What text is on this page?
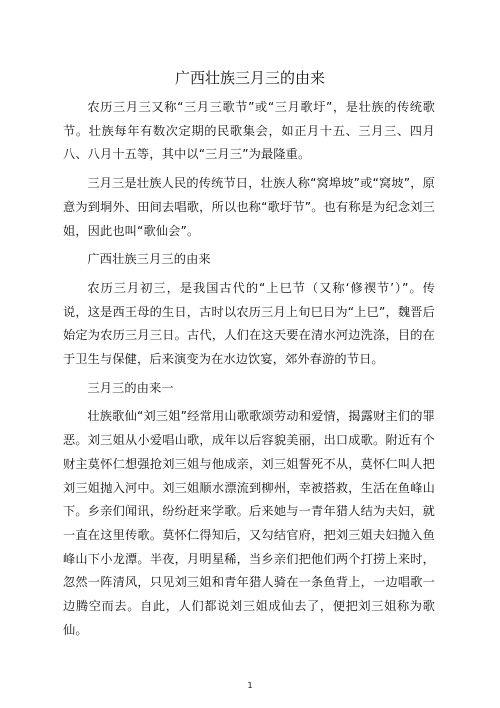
广西壮族三月三的由来

农历三月三又称“三月三歌节”或“三月歌圩”，是壮族的传统歌节。壮族每年有数次定期的民歌集会，如正月十五、三月三、四月八、八月十五等，其中以“三月三”为最隆重。

三月三是壮族人民的传统节日，壮族人称“窝埠坡”或“窝坡”，原意为到垌外、田间去唱歌，所以也称“歌圩节”。也有称是为纪念刘三姐，因此也叫“歌仙会”。

广西壮族三月三的由来

农历三月初三，是我国古代的“上巳节（又称‘修禊节’）”。传说，这是西王母的生日，古时以农历三月上旬巳日为“上巳”，魏晋后始定为农历三月三日。古代，人们在这天要在清水河边洗涤，目的在于卫生与保健，后来演变为在水边饮宴，郊外春游的节日。

三月三的由来一

壮族歌仙“刘三姐”经常用山歌歌颂劳动和爱情，揭露财主们的罪恶。刘三姐从小爱唱山歌，成年以后容貌美丽，出口成歌。附近有个财主莫怀仁想强抢刘三姐与他成亲，刘三姐誓死不从，莫怀仁叫人把刘三姐抛入河中。刘三姐顺水漂流到柳州，幸被搭救，生活在鱼峰山下。乡亲们闻讯，纷纷赶来学歌。后来她与一青年猎人结为夫妇，就一直在这里传歌。莫怀仁得知后，又勾结官府，把刘三姐夫妇抛入鱼峰山下小龙潭。半夜，月明星稀，当乡亲们把他们两个打捞上来时，忽然一阵清风，只见刘三姐和青年猎人骑在一条鱼背上，一边唱歌一边腾空而去。自此，人们都说刘三姐成仙去了，便把刘三姐称为歌仙。

1
